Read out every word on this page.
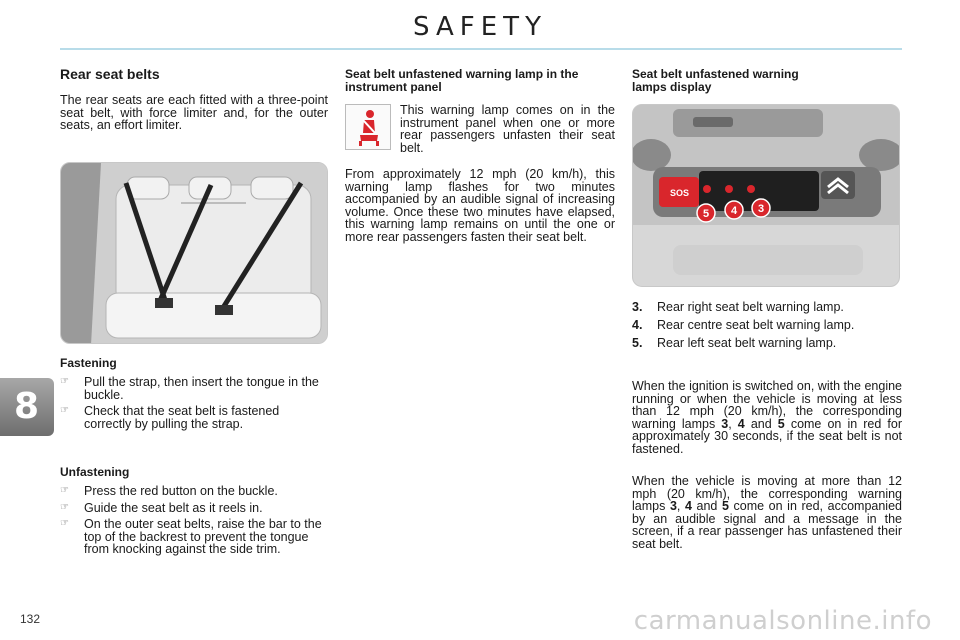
SAFETY
8
Rear seat belts

The rear seats are each fitted with a three-point seat belt, with force limiter and, for the outer seats, an effort limiter.

Fastening
☞ Pull the strap, then insert the tongue in the buckle.
☞ Check that the seat belt is fastened correctly by pulling the strap.
Unfastening
☞ Press the red button on the buckle.
☞ Guide the seat belt as it reels in.
☞ On the outer seat belts, raise the bar to the top of the backrest to prevent the tongue from knocking against the side trim.
Seat belt unfastened warning lamp in the instrument panel

This warning lamp comes on in the instrument panel when one or more rear passengers unfasten their seat belt.

From approximately 12 mph (20 km/h), this warning lamp flashes for two minutes accompanied by an audible signal of increasing volume. Once these two minutes have elapsed, this warning lamp remains on until the one or more rear passengers fasten their seat belt.

Seat belt unfastened warning lamps display
SOS
5 4 3
3.	Rear right seat belt warning lamp.
4.	Rear centre seat belt warning lamp.
5.	Rear left seat belt warning lamp.

When the ignition is switched on, with the engine running or when the vehicle is moving at less than 12 mph (20 km/h), the corresponding warning lamps 3, 4 and 5 come on in red for approximately 30 seconds, if the seat belt is not fastened.

When the vehicle is moving at more than 12 mph (20 km/h), the corresponding warning lamps 3, 4 and 5 come on in red, accompanied by an audible signal and a message in the screen, if a rear passenger has unfastened their seat belt.

132	carmanualsonline.info
